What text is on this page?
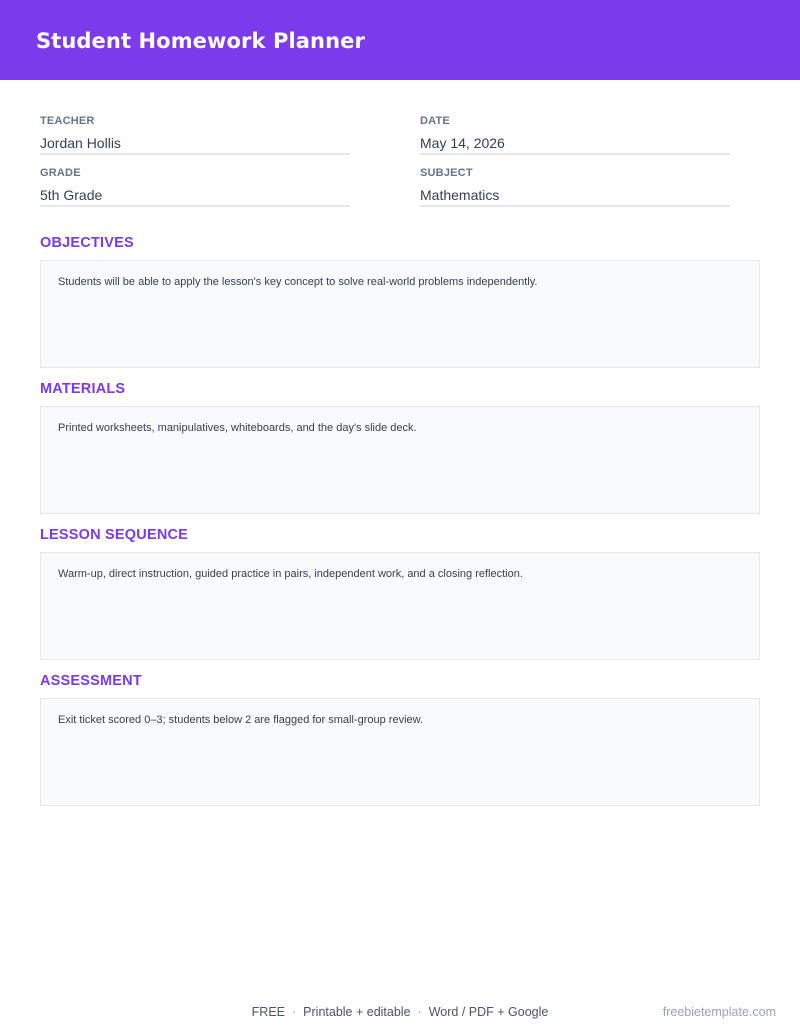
Student Homework Planner
TEACHER
Jordan Hollis
DATE
May 14, 2026
GRADE
5th Grade
SUBJECT
Mathematics
OBJECTIVES
Students will be able to apply the lesson's key concept to solve real-world problems independently.
MATERIALS
Printed worksheets, manipulatives, whiteboards, and the day's slide deck.
LESSON SEQUENCE
Warm-up, direct instruction, guided practice in pairs, independent work, and a closing reflection.
ASSESSMENT
Exit ticket scored 0–3; students below 2 are flagged for small-group review.
FREE · Printable + editable · Word / PDF + Google	freebietemplate.com
